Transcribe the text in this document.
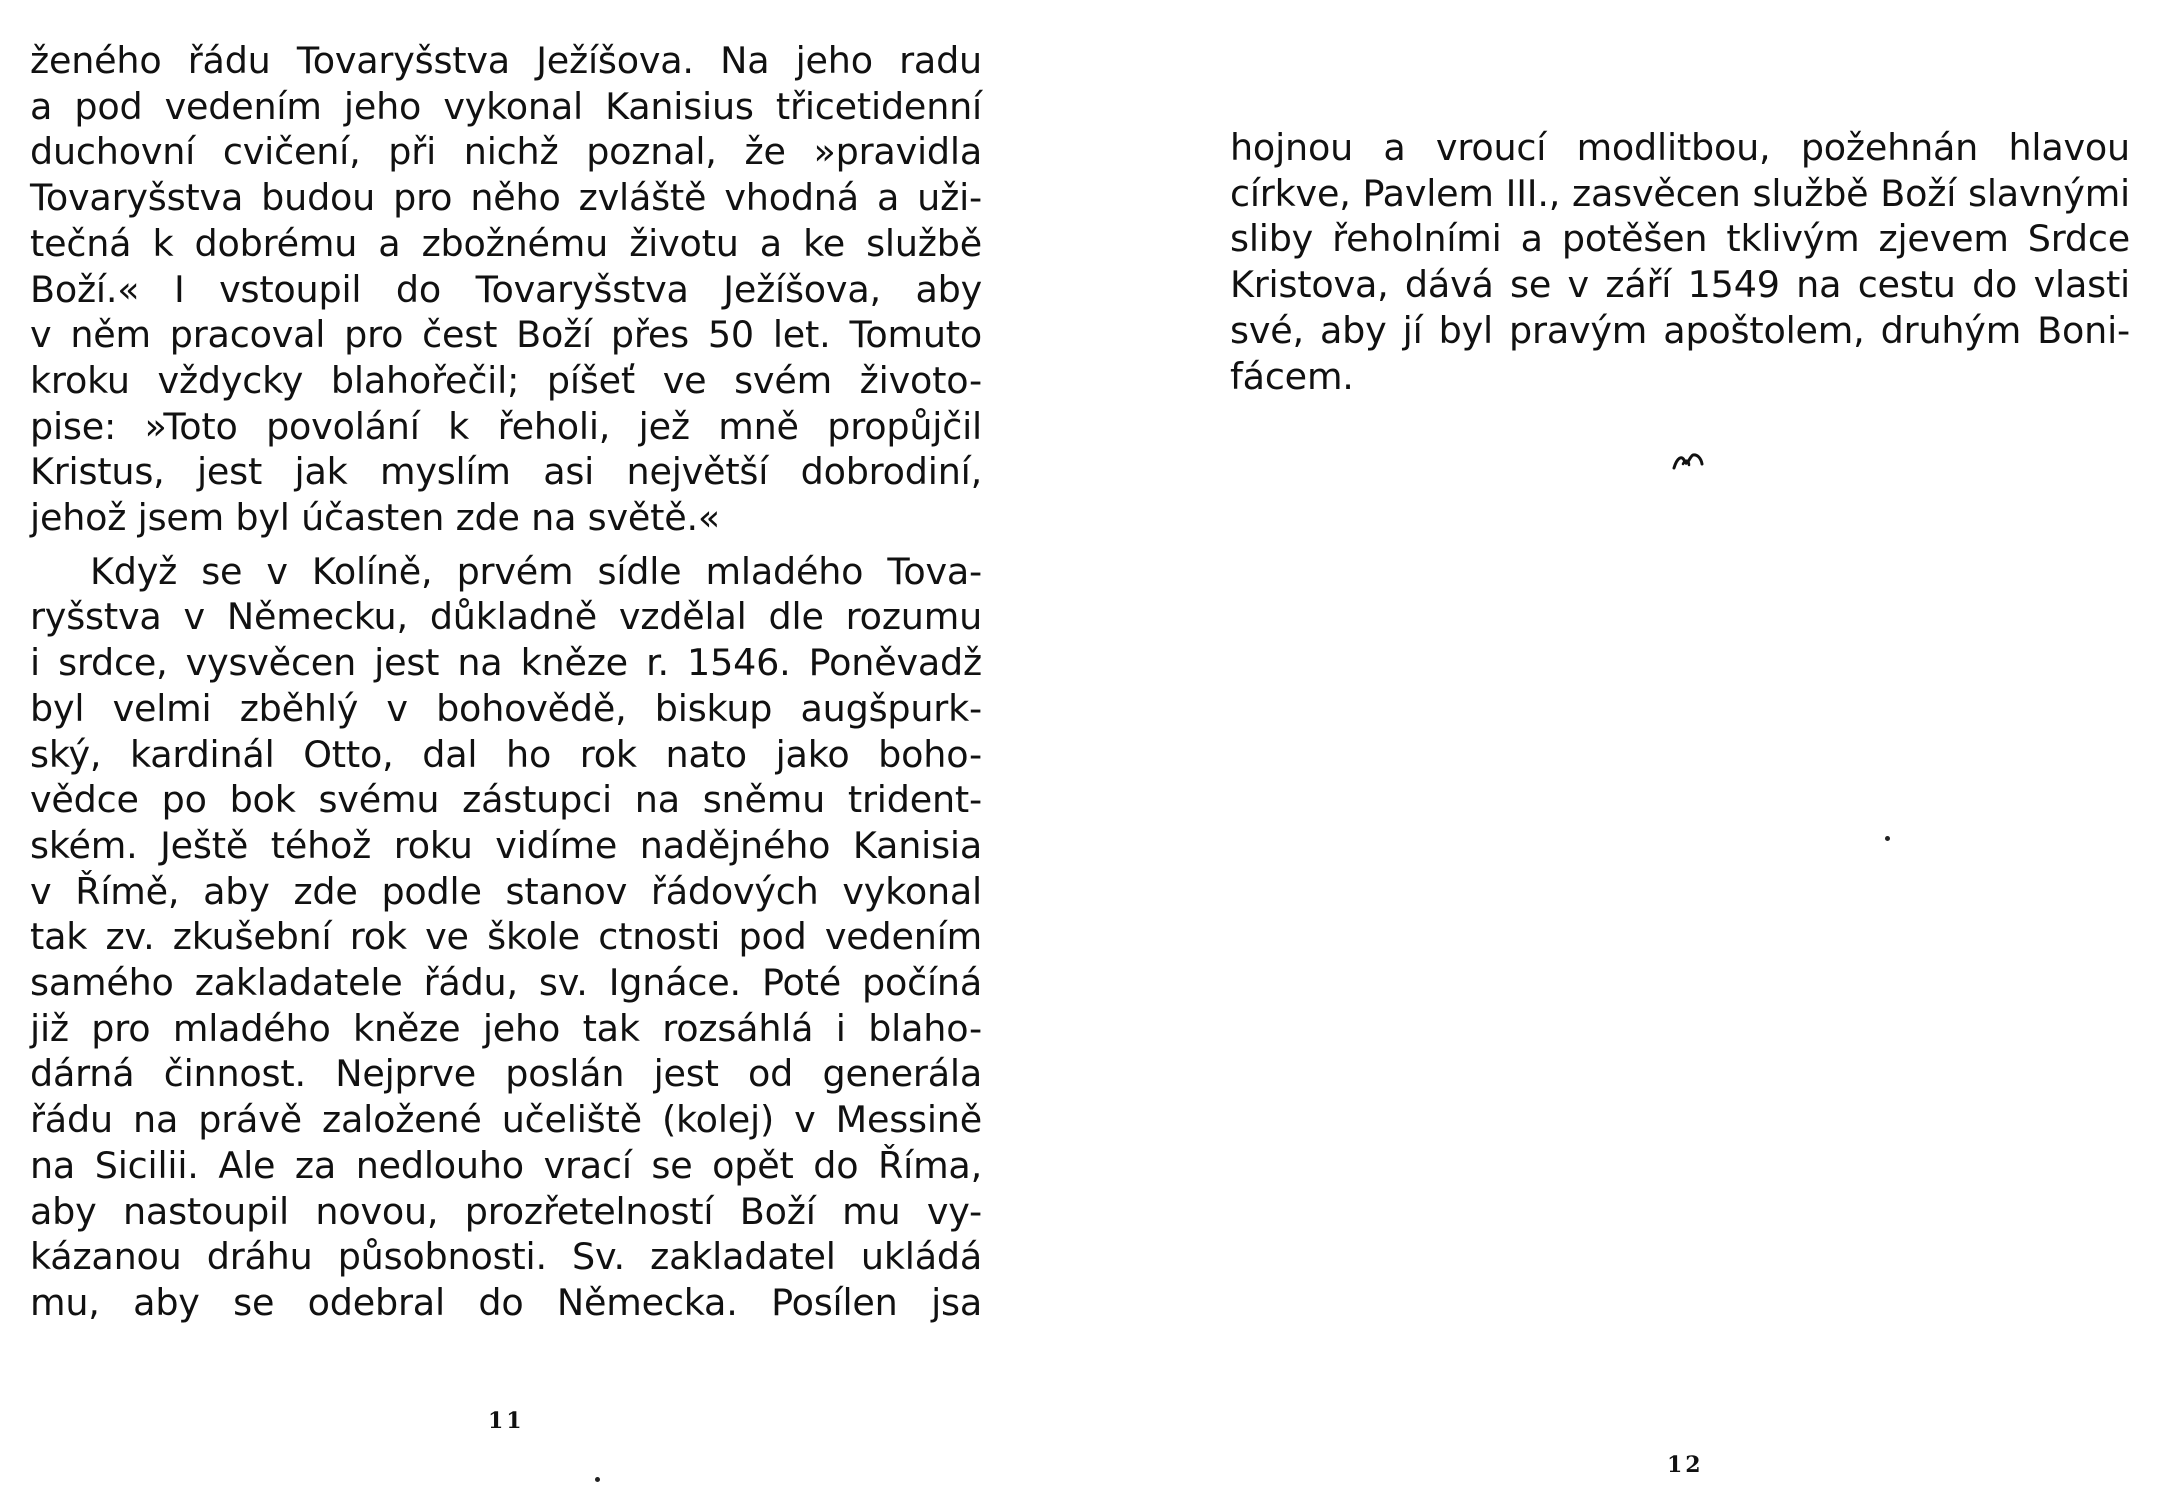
ženého řádu Tovaryšstva Ježíšova. Na jeho radu
a pod vedením jeho vykonal Kanisius třicetidenní
duchovní cvičení, při nichž poznal, že »pravidla
Tovaryšstva budou pro něho zvláště vhodná a uži-
tečná k dobrému a zbožnému životu a ke službě
Boží.« I vstoupil do Tovaryšstva Ježíšova, aby
v něm pracoval pro čest Boží přes 50 let. Tomuto
kroku vždycky blahořečil; píšeť ve svém životo-
pise: »Toto povolání k řeholi, jež mně propůjčil
Kristus, jest jak myslím asi největší dobrodiní,
jehož jsem byl účasten zde na světě.«
Když se v Kolíně, prvém sídle mladého Tova-
ryšstva v Německu, důkladně vzdělal dle rozumu
i srdce, vysvěcen jest na kněze r. 1546. Poněvadž
byl velmi zběhlý v bohovědě, biskup augšpurk-
ský, kardinál Otto, dal ho rok nato jako boho-
vědce po bok svému zástupci na sněmu trident-
ském. Ještě téhož roku vidíme nadějného Kanisia
v Římě, aby zde podle stanov řádových vykonal
tak zv. zkušební rok ve škole ctnosti pod vedením
samého zakladatele řádu, sv. Ignáce. Poté počíná
již pro mladého kněze jeho tak rozsáhlá i blaho-
dárná činnost. Nejprve poslán jest od generála
řádu na právě založené učeliště (kolej) v Messině
na Sicilii. Ale za nedlouho vrací se opět do Říma,
aby nastoupil novou, prozřetelností Boží mu vy-
kázanou dráhu působnosti. Sv. zakladatel ukládá
mu, aby se odebral do Německa. Posílen jsa
11
hojnou a vroucí modlitbou, požehnán hlavou
církve, Pavlem III., zasvěcen službě Boží slavnými
sliby řeholními a potěšen tklivým zjevem Srdce
Kristova, dává se v září 1549 na cestu do vlasti
své, aby jí byl pravým apoštolem, druhým Boni-
fácem.
12
